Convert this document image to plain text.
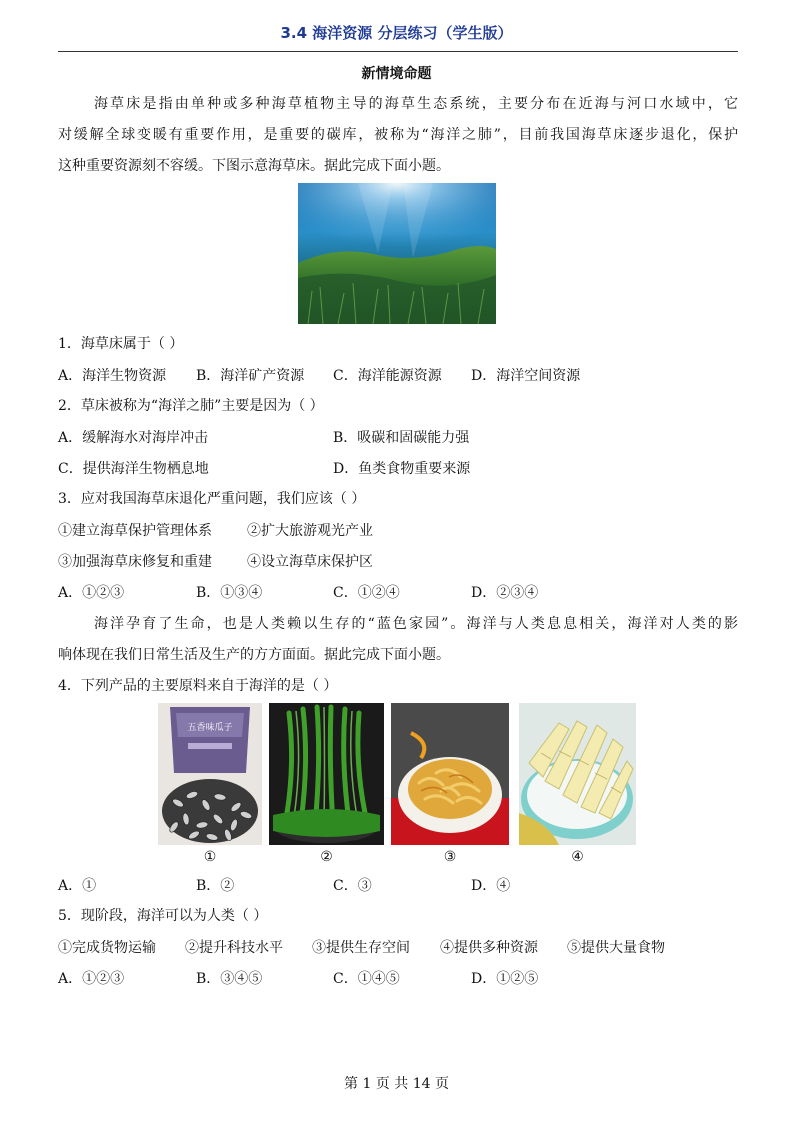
3.4 海洋资源 分层练习（学生版）
新情境命题
海草床是指由单种或多种海草植物主导的海草生态系统，主要分布在近海与河口水域中，它
对缓解全球变暖有重要作用，是重要的碳库，被称为“海洋之肺”，目前我国海草床逐步退化，保护
这种重要资源刻不容缓。下图示意海草床。据此完成下面小题。
1．海草床属于（ ）
A．海洋生物资源 B．海洋矿产资源 C．海洋能源资源 D．海洋空间资源
2．草床被称为“海洋之肺”主要是因为（ ）
A．缓解海水对海岸冲击	B．吸碳和固碳能力强
C．提供海洋生物栖息地	D．鱼类食物重要来源
3．应对我国海草床退化严重问题，我们应该（ ）
①建立海草保护管理体系	②扩大旅游观光产业
③加强海草床修复和重建	④设立海草床保护区
A．①②③	B．①③④	C．①②④	D．②③④
海洋孕育了生命，也是人类赖以生存的“蓝色家园”。海洋与人类息息相关，海洋对人类的影
响体现在我们日常生活及生产的方方面面。据此完成下面小题。
4．下列产品的主要原料来自于海洋的是（ ）
五香味瓜子
①	②	③	④
A．①	B．②	C．③	D．④
5．现阶段，海洋可以为人类（ ）
①完成货物运输 ②提升科技水平 ③提供生存空间 ④提供多种资源 ⑤提供大量食物
A．①②③	B．③④⑤	C．①④⑤	D．①②⑤
第 1 页 共 14 页
